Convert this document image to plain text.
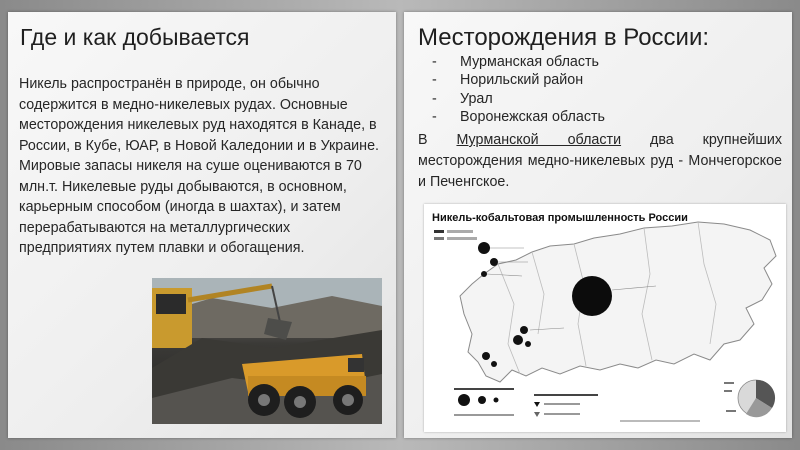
Где и как добывается

Никель распространён в природе, он обычно содержится в медно-никелевых рудах. Основные месторождения никелевых руд находятся в Канаде, в России, в Кубе, ЮАР, в Новой Каледонии и в Украине. Мировые запасы никеля на суше оцениваются в 70 млн.т. Никелевые руды добываются, в основном, карьерным способом (иногда в шахтах), и затем перерабатываются на металлургических предприятиях путем плавки и обогащения.

Месторождения в России:
- Мурманская область
- Норильский район
- Урал
- Воронежская область

В Мурманской области два крупнейших месторождения медно-никелевых руд - Мончегорское и Печенгское.

Никель-кобальтовая промышленность России
